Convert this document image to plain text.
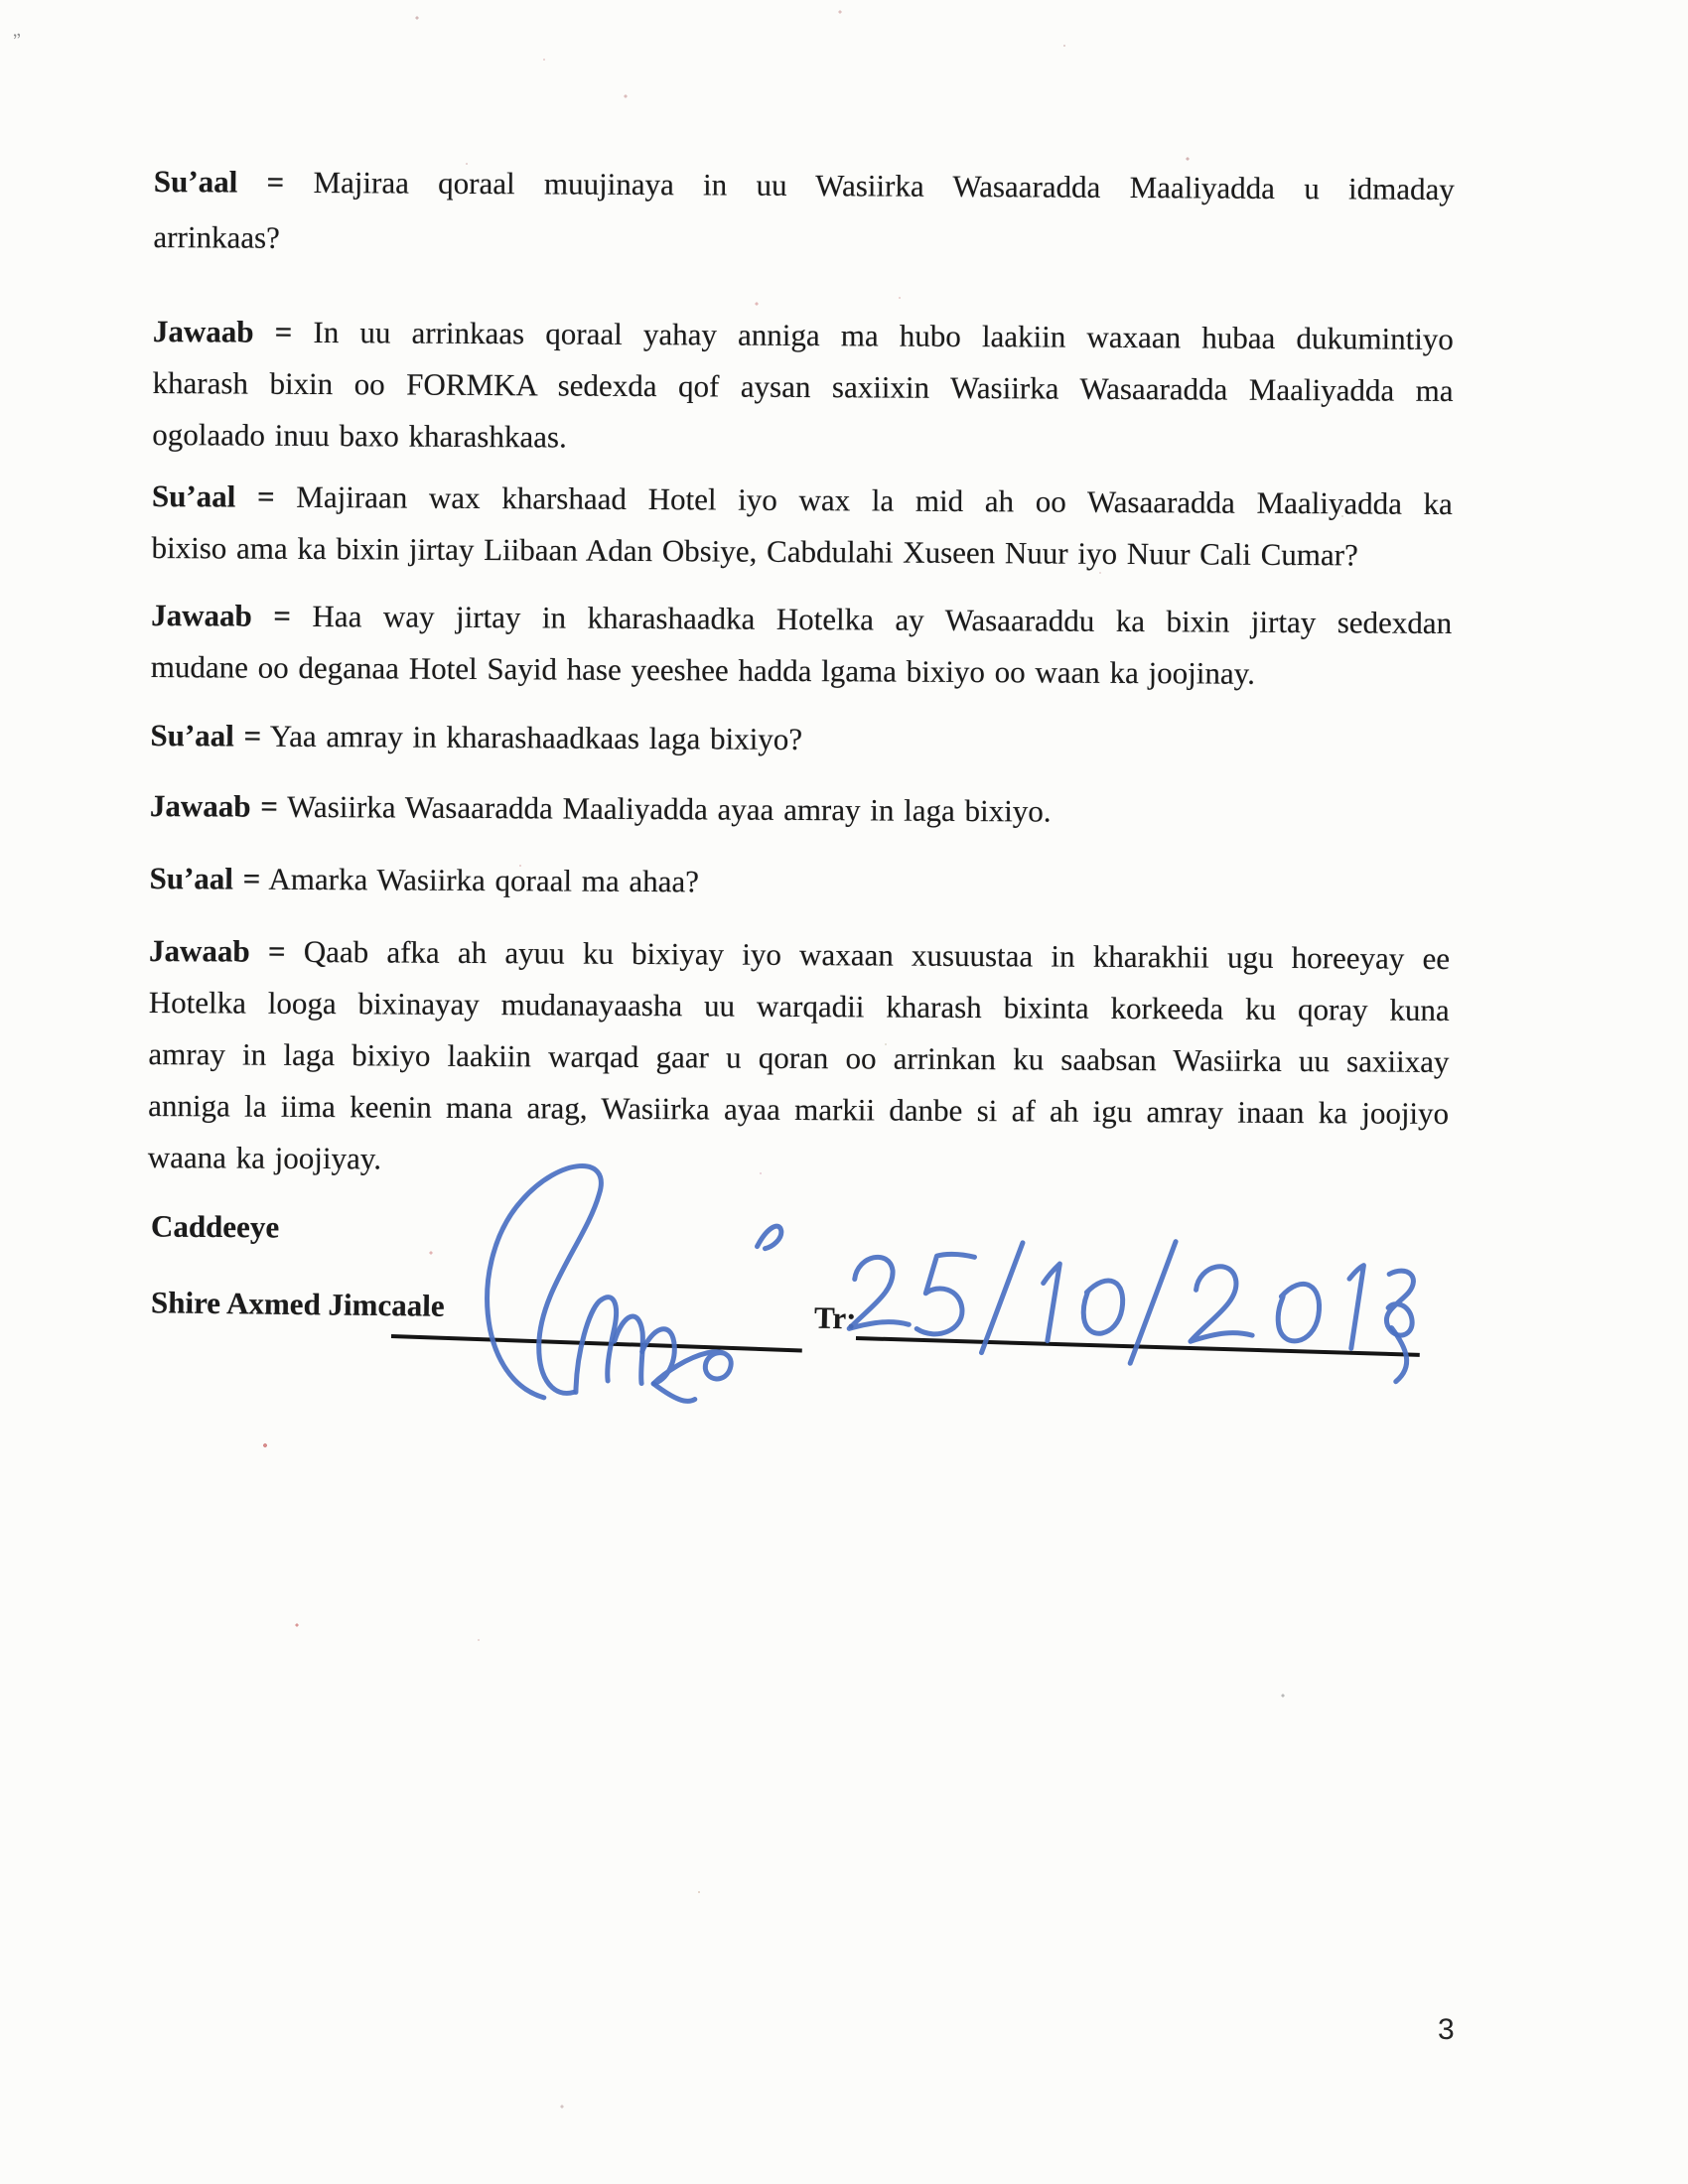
„
Su’aal = Majiraa qoraal muujinaya in uu Wasiirka Wasaaradda Maaliyadda u idmaday
arrinkaas?
Jawaab = In uu arrinkaas qoraal yahay anniga ma hubo laakiin waxaan hubaa dukumintiyo
kharash bixin oo FORMKA sedexda qof aysan saxiixin Wasiirka Wasaaradda Maaliyadda ma
ogolaado inuu baxo kharashkaas.
Su’aal = Majiraan wax kharshaad Hotel iyo wax la mid ah oo Wasaaradda Maaliyadda ka
bixiso ama ka bixin jirtay Liibaan Adan Obsiye, Cabdulahi Xuseen Nuur iyo Nuur Cali Cumar?
Jawaab = Haa way jirtay in kharashaadka Hotelka ay Wasaaraddu ka bixin jirtay sedexdan
mudane oo deganaa Hotel Sayid hase yeeshee hadda lgama bixiyo oo waan ka joojinay.
Su’aal = Yaa amray in kharashaadkaas laga bixiyo?
Jawaab = Wasiirka Wasaaradda Maaliyadda ayaa amray in laga bixiyo.
Su’aal = Amarka Wasiirka qoraal ma ahaa?
Jawaab = Qaab afka ah ayuu ku bixiyay iyo waxaan xusuustaa in kharakhii ugu horeeyay ee
Hotelka looga bixinayay mudanayaasha uu warqadii kharash bixinta korkeeda ku qoray kuna
amray in laga bixiyo laakiin warqad gaar u qoran oo arrinkan ku saabsan Wasiirka uu saxiixay
anniga la iima keenin mana arag, Wasiirka ayaa markii danbe si af ah igu amray inaan ka joojiyo
waana ka joojiyay.
Caddeeye
Shire Axmed Jimcaale	Tr:
3
